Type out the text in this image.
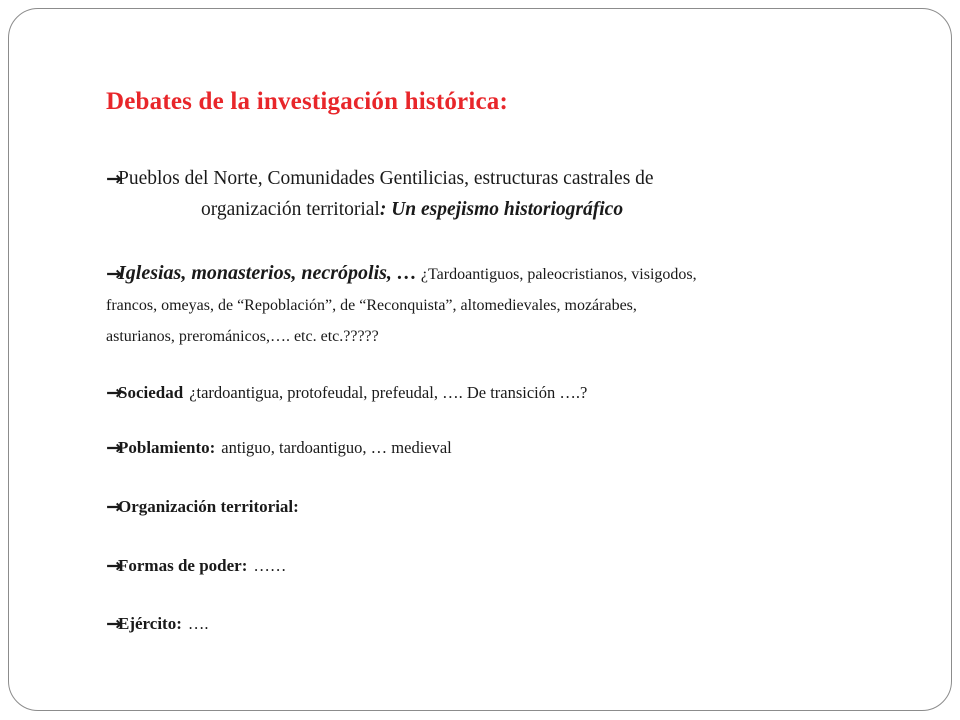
Debates de la investigación histórica:
→Pueblos del Norte, Comunidades Gentilicias, estructuras castrales de
organización territorial: Un espejismo historiográfico
→Iglesias, monasterios, necrópolis, … ¿Tardoantiguos, paleocristianos, visigodos,
francos, omeyas, de “Repoblación”, de “Reconquista”, altomedievales, mozárabes,
asturianos, prerománicos,…. etc. etc.?????
→Sociedad ¿tardoantigua, protofeudal, prefeudal, …. De transición ….?
→Poblamiento: antiguo, tardoantiguo, … medieval
→Organización territorial:
→Formas de poder: ……
→Ejército: ….
